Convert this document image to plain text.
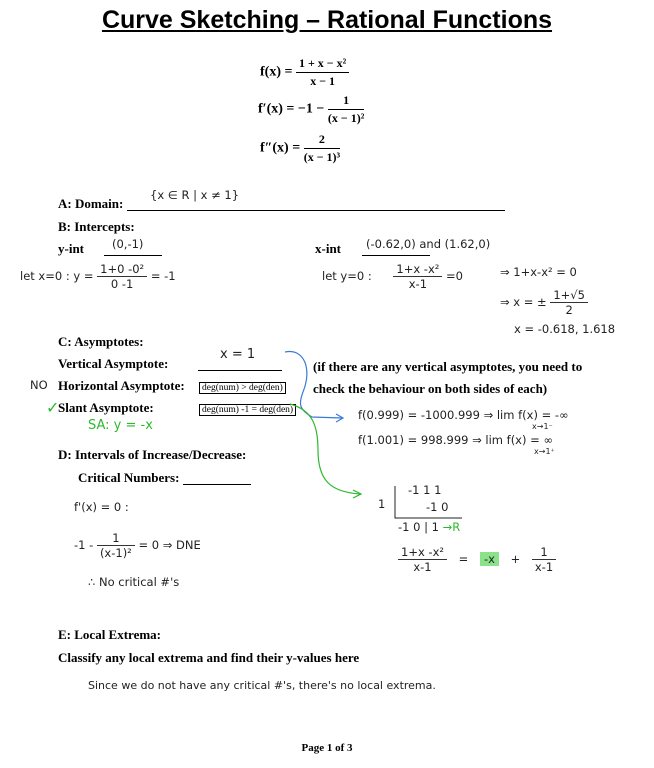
Curve Sketching – Rational Functions
$f(x) = \frac{\text{1 + x − x²}}{x - 1}$
$f'(x) = -1 - \frac{1}{\text{(x − 1)²}}$
$f''(x) = \frac{2}{\text{(x − 1)³}}$
A: Domain:
{x ∈ R | x ≠ 1}
B: Intercepts:
y-int (0,-1)
let x=0 : $y = \frac{\text{1+0 -0²}}{0 -1} = -1$
x-int (-0.62,0) and (1.62,0)
let y=0 : $\frac{\text{1+x -x²}}{x-1} =0$	⇒ 1+x-x² = 0
⇒ x = ± $\frac{1+√5}{2}$
x = -0.618, 1.618
C: Asymptotes:
Vertical Asymptote:
x = 1
(if there are any vertical asymptotes, you need to check the behaviour on both sides of each)
NO Horizontal Asymptote:	deg(num) > deg(den)
✓
Slant Asymptote:	deg(num) -1 = deg(den)
SA: y = -x
f(0.999) = -1000.999 ⇒ lim f(x) = -∞
x→1⁻
f(1.001) = 998.999 ⇒ lim f(x) = ∞
x→1⁺
1
-1 1 1
-1 0
-1 0 | 1 →R
$\frac{\text{1+x -x²}}{x-1} = -x + \frac{1}{x-1}$
D: Intervals of Increase/Decrease:
Critical Numbers:
f'(x) = 0 :
$-1 - \frac{1}{\text{(x-1)²}} = 0$ ⇒ DNE
∴ No critical #'s
E: Local Extrema:
Classify any local extrema and find their y-values here
Since we do not have any critical #'s, there's no local extrema.
Page 1 of 3
